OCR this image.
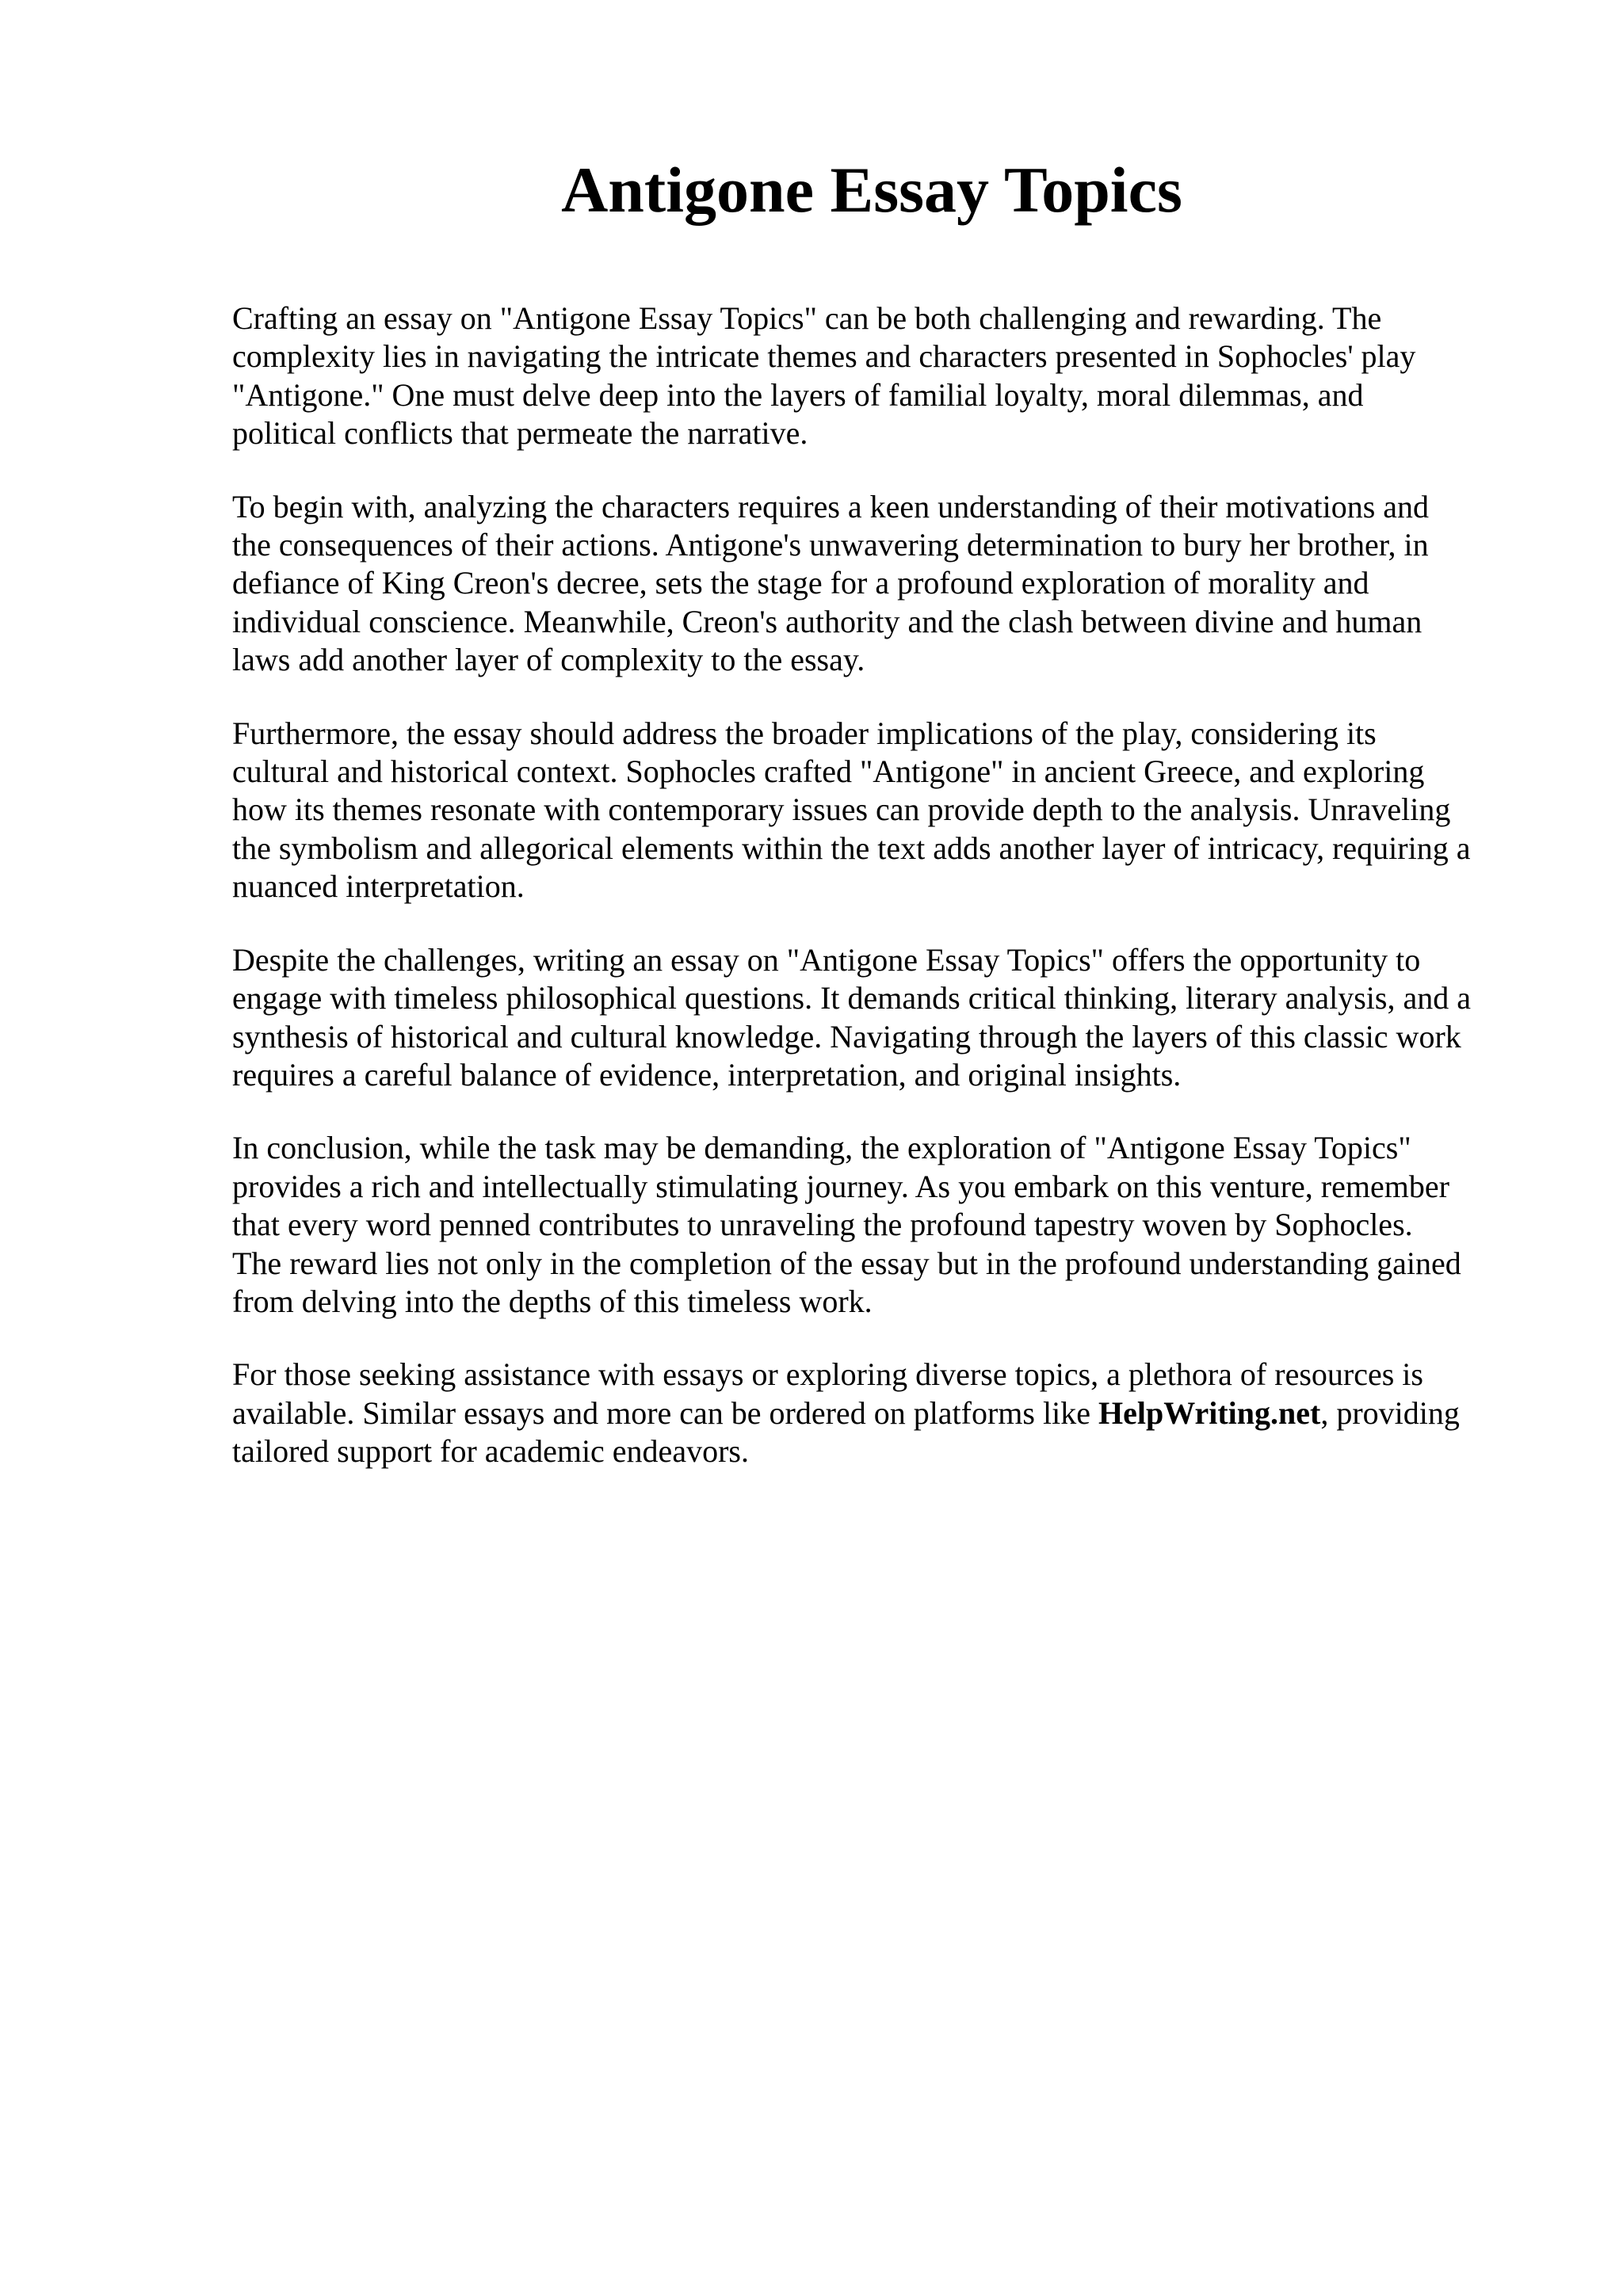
Antigone Essay Topics

Crafting an essay on "Antigone Essay Topics" can be both challenging and rewarding. The
complexity lies in navigating the intricate themes and characters presented in Sophocles' play
"Antigone." One must delve deep into the layers of familial loyalty, moral dilemmas, and
political conflicts that permeate the narrative.

To begin with, analyzing the characters requires a keen understanding of their motivations and
the consequences of their actions. Antigone's unwavering determination to bury her brother, in
defiance of King Creon's decree, sets the stage for a profound exploration of morality and
individual conscience. Meanwhile, Creon's authority and the clash between divine and human
laws add another layer of complexity to the essay.

Furthermore, the essay should address the broader implications of the play, considering its
cultural and historical context. Sophocles crafted "Antigone" in ancient Greece, and exploring
how its themes resonate with contemporary issues can provide depth to the analysis. Unraveling
the symbolism and allegorical elements within the text adds another layer of intricacy, requiring a
nuanced interpretation.

Despite the challenges, writing an essay on "Antigone Essay Topics" offers the opportunity to
engage with timeless philosophical questions. It demands critical thinking, literary analysis, and a
synthesis of historical and cultural knowledge. Navigating through the layers of this classic work
requires a careful balance of evidence, interpretation, and original insights.

In conclusion, while the task may be demanding, the exploration of "Antigone Essay Topics"
provides a rich and intellectually stimulating journey. As you embark on this venture, remember
that every word penned contributes to unraveling the profound tapestry woven by Sophocles.
The reward lies not only in the completion of the essay but in the profound understanding gained
from delving into the depths of this timeless work.

For those seeking assistance with essays or exploring diverse topics, a plethora of resources is
available. Similar essays and more can be ordered on platforms like HelpWriting.net, providing
tailored support for academic endeavors.
